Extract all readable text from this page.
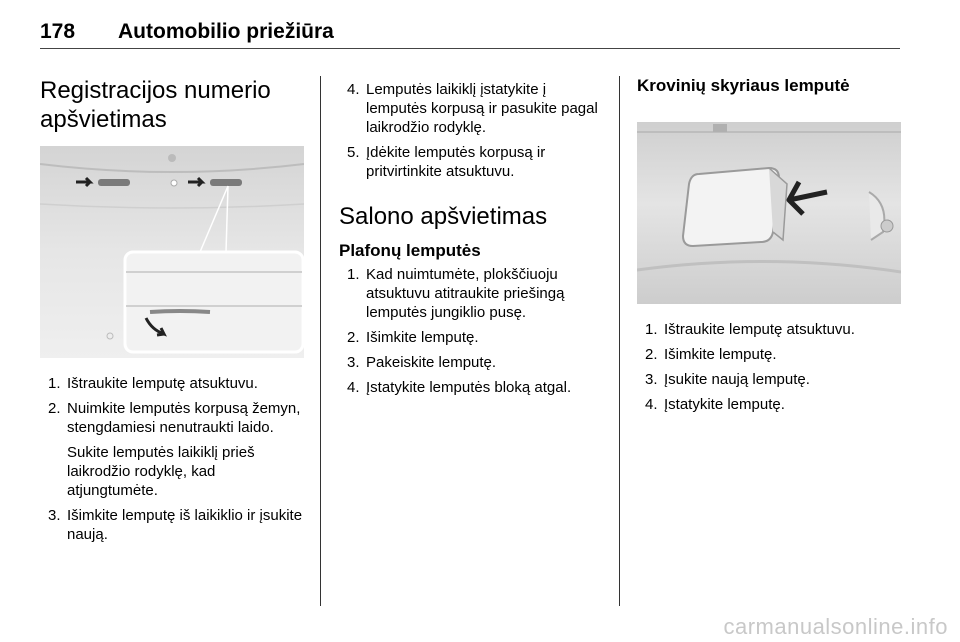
178 Automobilio priežiūra
Registracijos numerio apšvietimas
1. Ištraukite lemputę atsuktuvu.
2. Nuimkite lemputės korpusą žemyn, stengdamiesi nenutraukti laido.
Sukite lemputės laikiklį prieš laikrodžio rodyklę, kad atjungtumėte.
3. Išimkite lemputę iš laikiklio ir įsukite naują.
4. Lemputės laikiklį įstatykite į lemputės korpusą ir pasukite pagal laikrodžio rodyklę.
5. Įdėkite lemputės korpusą ir pritvirtinkite atsuktuvu.
Salono apšvietimas
Plafonų lemputės
1. Kad nuimtumėte, plokščiuoju atsuktuvu atitraukite priešingą lemputės jungiklio pusę.
2. Išimkite lemputę.
3. Pakeiskite lemputę.
4. Įstatykite lemputės bloką atgal.
Krovinių skyriaus lemputė
1. Ištraukite lemputę atsuktuvu.
2. Išimkite lemputę.
3. Įsukite naują lemputę.
4. Įstatykite lemputę.
carmanualsonline.info
